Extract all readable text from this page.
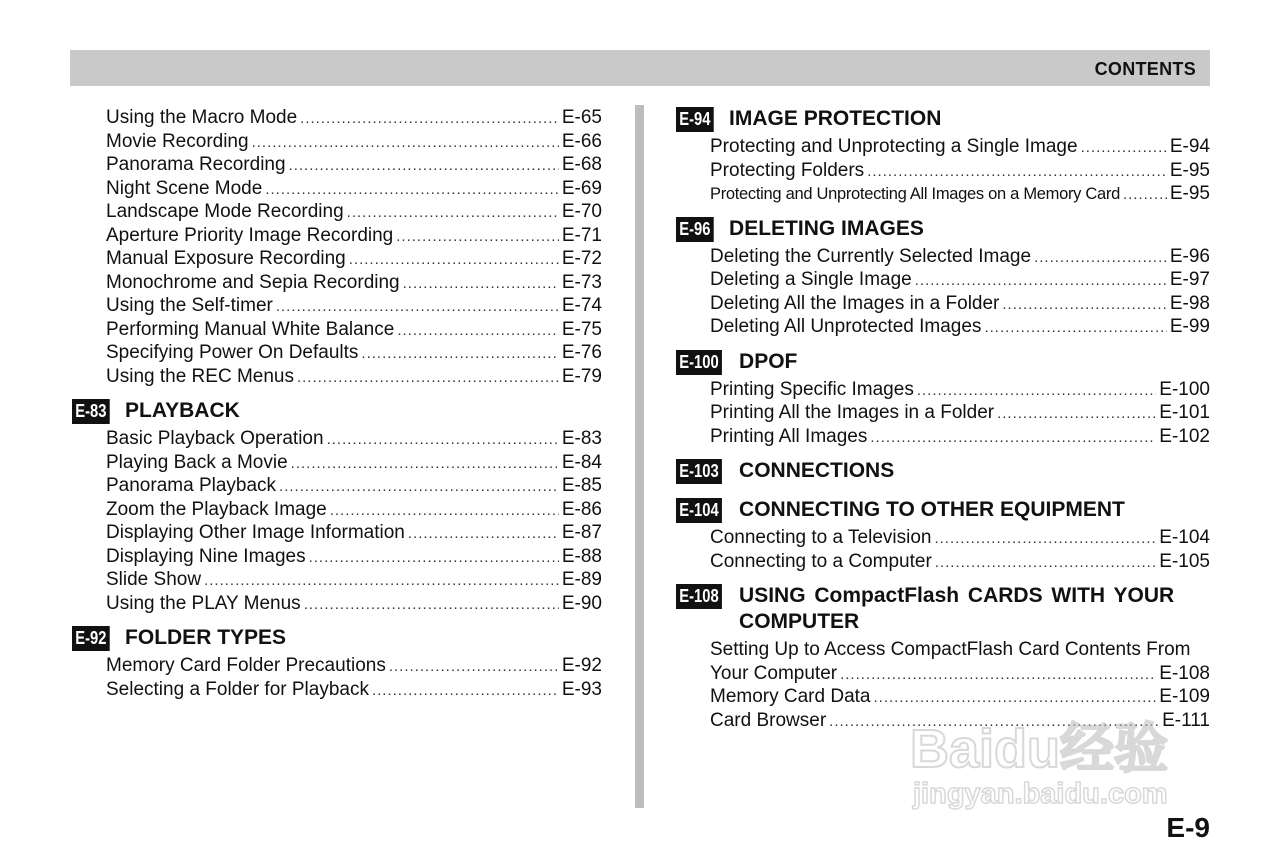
CONTENTS
Using the Macro Mode .....	E-65
Movie Recording .....	E-66
Panorama Recording .....	E-68
Night Scene Mode .....	E-69
Landscape Mode Recording .....	E-70
Aperture Priority Image Recording .....	E-71
Manual Exposure Recording .....	E-72
Monochrome and Sepia Recording .....	E-73
Using the Self-timer .....	E-74
Performing Manual White Balance .....	E-75
Specifying Power On Defaults .....	E-76
Using the REC Menus .....	E-79
E-83 PLAYBACK
Basic Playback Operation .....	E-83
Playing Back a Movie .....	E-84
Panorama Playback .....	E-85
Zoom the Playback Image .....	E-86
Displaying Other Image Information .....	E-87
Displaying Nine Images .....	E-88
Slide Show .....	E-89
Using the PLAY Menus .....	E-90
E-92 FOLDER TYPES
Memory Card Folder Precautions .....	E-92
Selecting a Folder for Playback .....	E-93
E-94 IMAGE PROTECTION
Protecting and Unprotecting a Single Image .....	E-94
Protecting Folders .....	E-95
Protecting and Unprotecting All Images on a Memory Card .....	E-95
E-96 DELETING IMAGES
Deleting the Currently Selected Image .....	E-96
Deleting a Single Image .....	E-97
Deleting All the Images in a Folder .....	E-98
Deleting All Unprotected Images .....	E-99
E-100 DPOF
Printing Specific Images .....	E-100
Printing All the Images in a Folder .....	E-101
Printing All Images .....	E-102
E-103 CONNECTIONS
E-104 CONNECTING TO OTHER EQUIPMENT
Connecting to a Television .....	E-104
Connecting to a Computer .....	E-105
E-108 USING CompactFlash CARDS WITH YOUR COMPUTER
Setting Up to Access CompactFlash Card Contents From
Your Computer .....	E-108
Memory Card Data .....	E-109
Card Browser .....	E-111
E-9
Baidu经验
jingyan.baidu.com
